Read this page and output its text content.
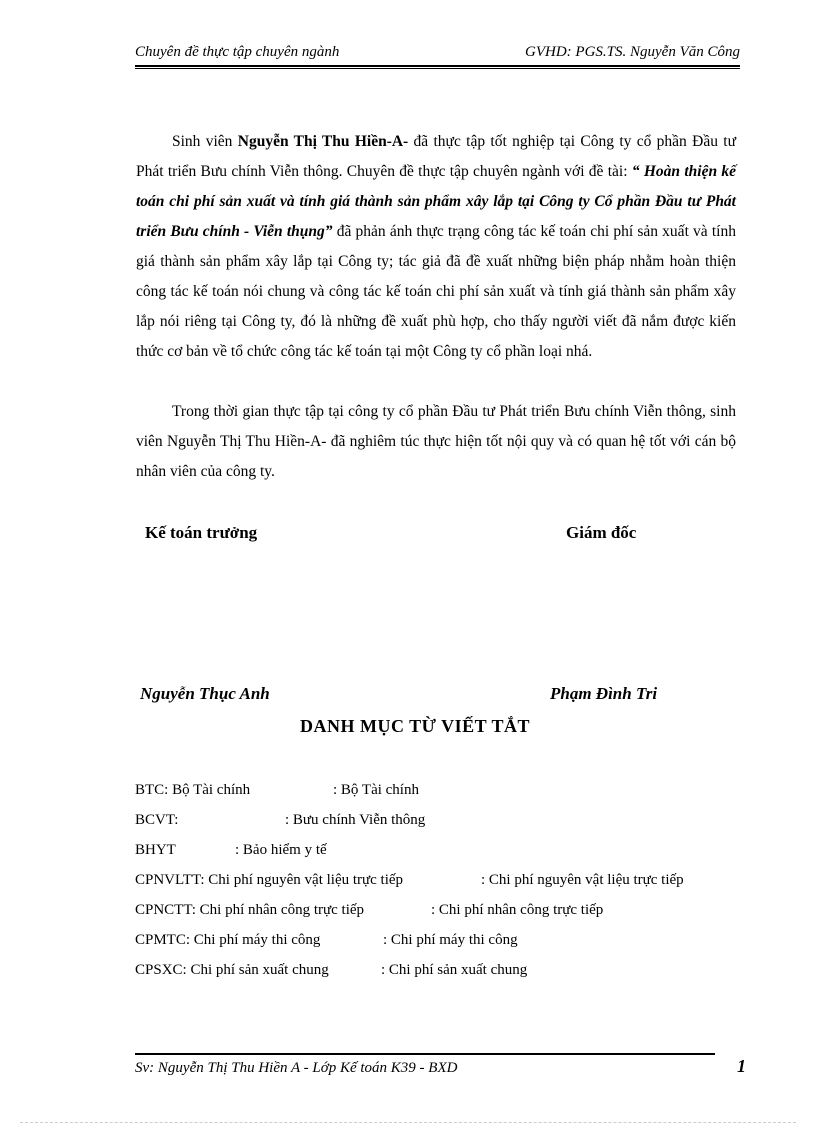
Chuyên đề thực tập chuyên ngành	GVHD: PGS.TS. Nguyễn Văn Công
Sinh viên Nguyễn Thị Thu Hiền-A- đã thực tập tốt nghiệp tại Công ty cổ phần Đầu tư Phát triển Bưu chính Viễn thông. Chuyên đề thực tập chuyên ngành với đề tài: “ Hoàn thiện kế toán chi phí sản xuất và tính giá thành sản phẩm xây lắp tại Công ty Cổ phần Đầu tư Phát triển Bưu chính - Viễn thụng” đã phản ánh thực trạng công tác kế toán chi phí sản xuất và tính giá thành sản phẩm xây lắp tại Công ty; tác giả đã đề xuất những biện pháp nhằm hoàn thiện công tác kế toán nói chung và công tác kế toán chi phí sản xuất và tính giá thành sản phẩm xây lắp nói riêng tại Công ty, đó là những đề xuất phù hợp, cho thấy người viết đã nắm được kiến thức cơ bản về tổ chức công tác kế toán tại một Công ty cổ phần loại nhá.
Trong thời gian thực tập tại công ty cổ phần Đầu tư Phát triển Bưu chính Viễn thông, sinh viên Nguyễn Thị Thu Hiền-A- đã nghiêm túc thực hiện tốt nội quy và có quan hệ tốt với cán bộ nhân viên của công ty.
Kế toán trưởng	Giám đốc
Nguyễn Thục Anh	Phạm Đình Tri
DANH MỤC TỪ VIẾT TẮT
BTC: Bộ Tài chính	: Bộ Tài chính
BCVT:	: Bưu chính Viễn thông
BHYT	: Bảo hiểm y tế
CPNVLTT: Chi phí nguyên vật liệu trực tiếp	: Chi phí nguyên vật liệu trực tiếp
CPNCTT: Chi phí nhân công trực tiếp	: Chi phí nhân công trực tiếp
CPMTC: Chi phí máy thi công	: Chi phí máy thi công
CPSXC: Chi phí sản xuất chung	: Chi phí sản xuất chung
Sv: Nguyễn Thị Thu Hiền A - Lớp Kế toán K39 - BXD	1
